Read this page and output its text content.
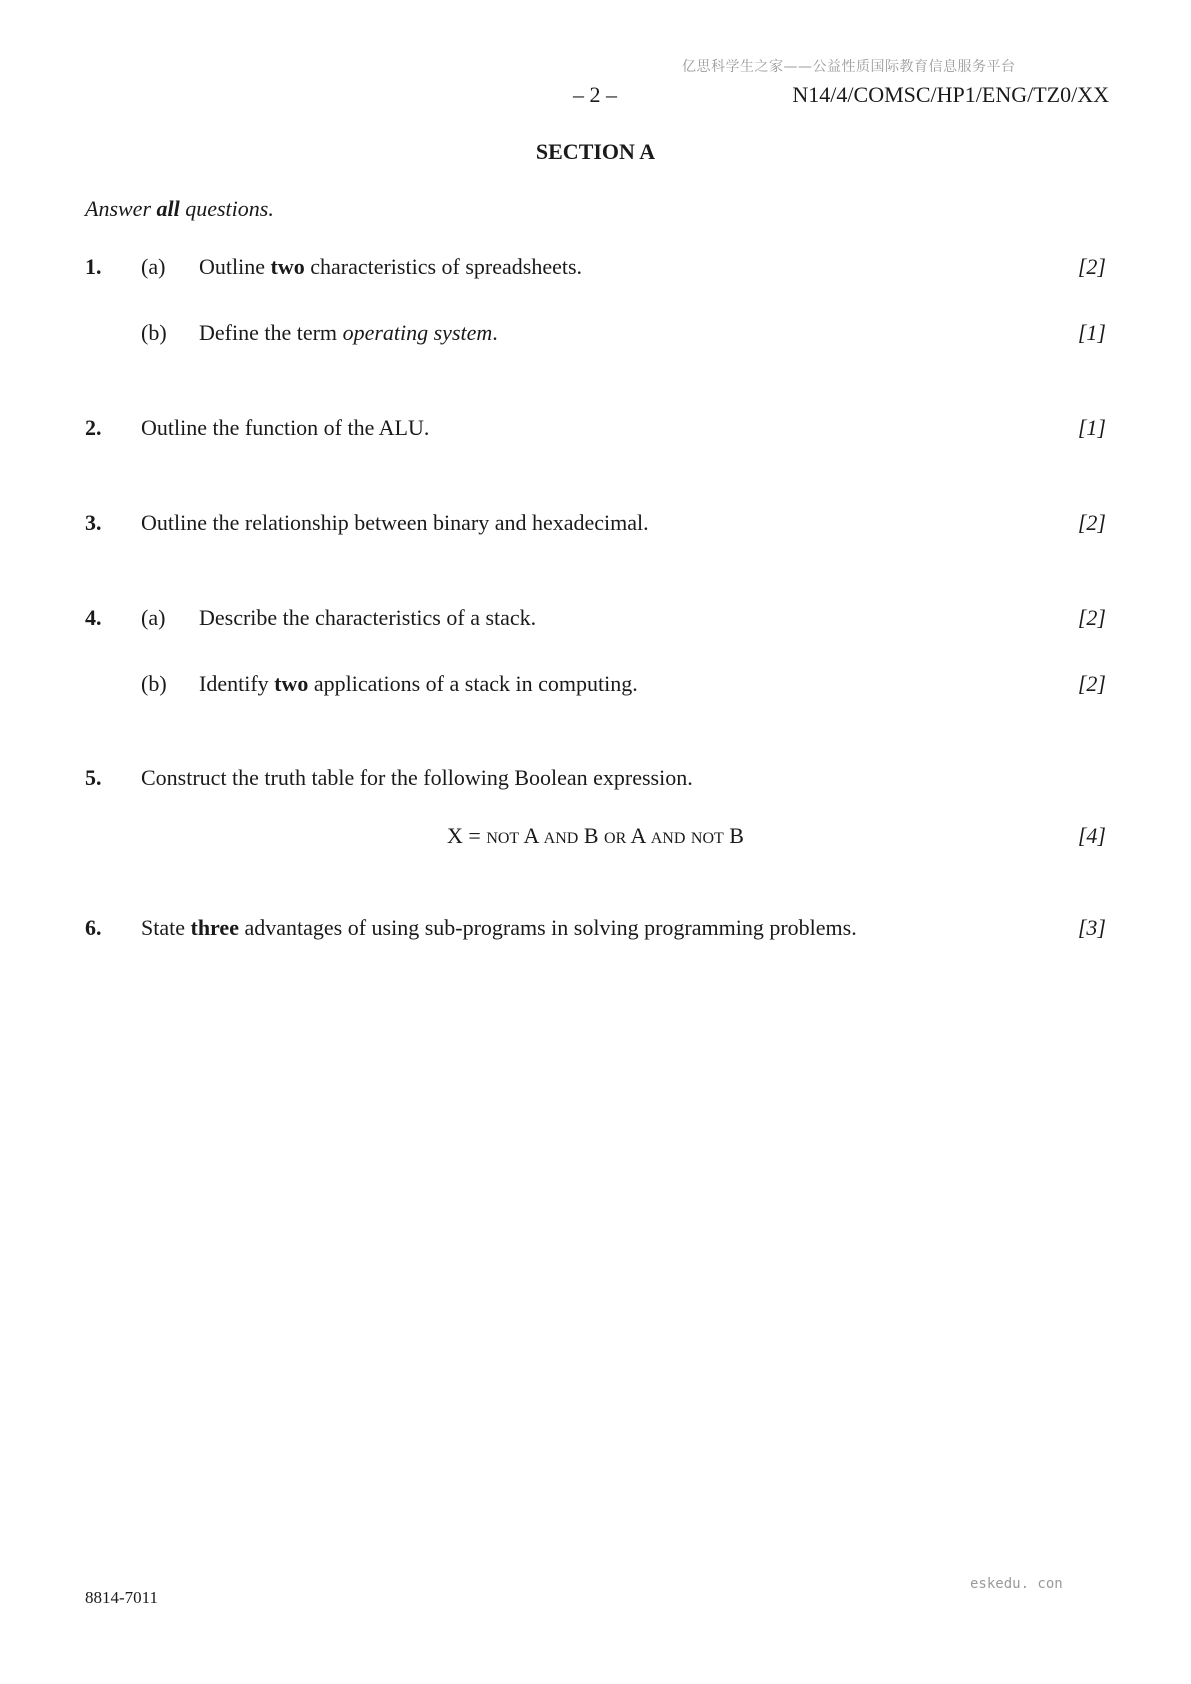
亿思科学生之家——公益性质国际教育信息服务平台
– 2 –	N14/4/COMSC/HP1/ENG/TZ0/XX
SECTION A
Answer all questions.
1. (a) Outline two characteristics of spreadsheets.	[2]
(b) Define the term operating system.	[1]
2. Outline the function of the ALU.	[1]
3. Outline the relationship between binary and hexadecimal.	[2]
4. (a) Describe the characteristics of a stack.	[2]
(b) Identify two applications of a stack in computing.	[2]
5. Construct the truth table for the following Boolean expression.
X = NOT A AND B OR A AND NOT B	[4]
6. State three advantages of using sub-programs in solving programming problems.	[3]
eskedu. con
8814-7011
